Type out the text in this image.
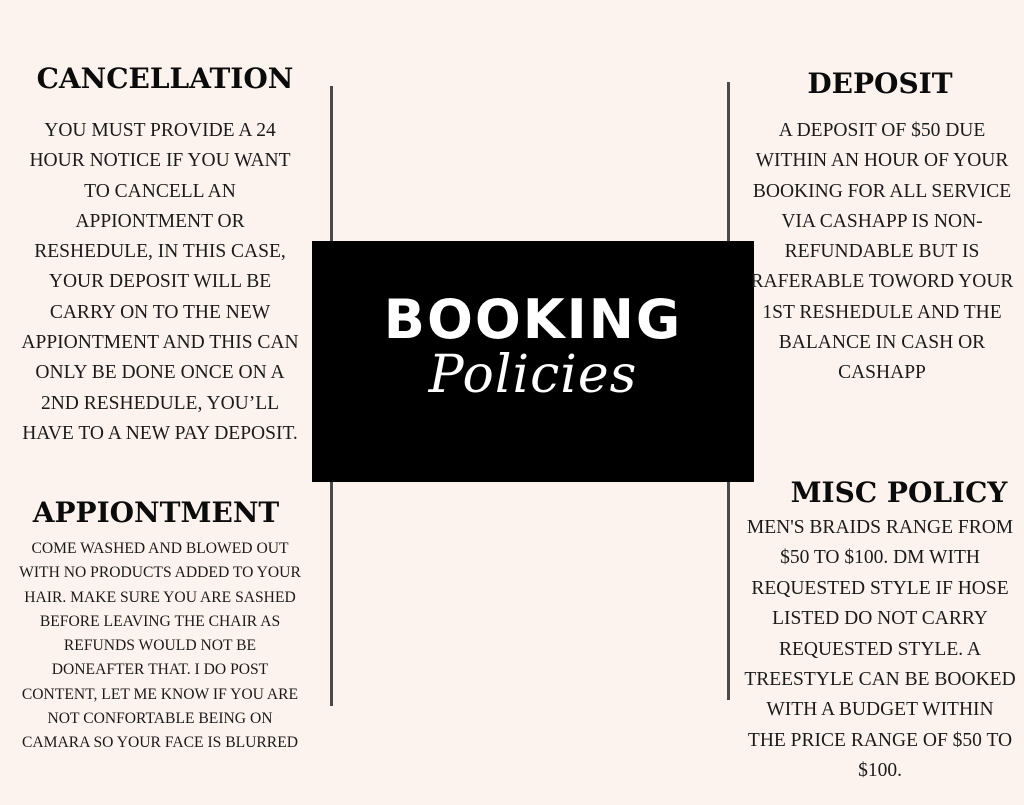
CANCELLATION
YOU MUST PROVIDE A 24
HOUR NOTICE IF YOU WANT
TO CANCELL AN
APPIONTMENT OR
RESHEDULE, IN THIS CASE,
YOUR DEPOSIT WILL BE
CARRY ON TO THE NEW
APPIONTMENT AND THIS CAN
ONLY BE DONE ONCE ON A
2ND RESHEDULE, YOU’LL
HAVE TO A NEW PAY DEPOSIT.
APPIONTMENT
COME WASHED AND BLOWED OUT
WITH NO PRODUCTS ADDED TO YOUR
HAIR. MAKE SURE YOU ARE SASHED
BEFORE LEAVING THE CHAIR AS
REFUNDS WOULD NOT BE
DONEAFTER THAT. I DO POST
CONTENT, LET ME KNOW IF YOU ARE
NOT CONFORTABLE BEING ON
CAMARA SO YOUR FACE IS BLURRED
BOOKING
Policies
DEPOSIT
A DEPOSIT OF $50 DUE
WITHIN AN HOUR OF YOUR
BOOKING FOR ALL SERVICE
VIA CASHAPP IS NON-
REFUNDABLE BUT IS
RAFERABLE TOWORD YOUR
1ST RESHEDULE AND THE
BALANCE IN CASH OR
CASHAPP
MISC POLICY
MEN'S BRAIDS RANGE FROM
$50 TO $100. DM WITH
REQUESTED STYLE IF HOSE
LISTED DO NOT CARRY
REQUESTED STYLE. A
TREESTYLE CAN BE BOOKED
WITH A BUDGET WITHIN
THE PRICE RANGE OF $50 TO
$100.
